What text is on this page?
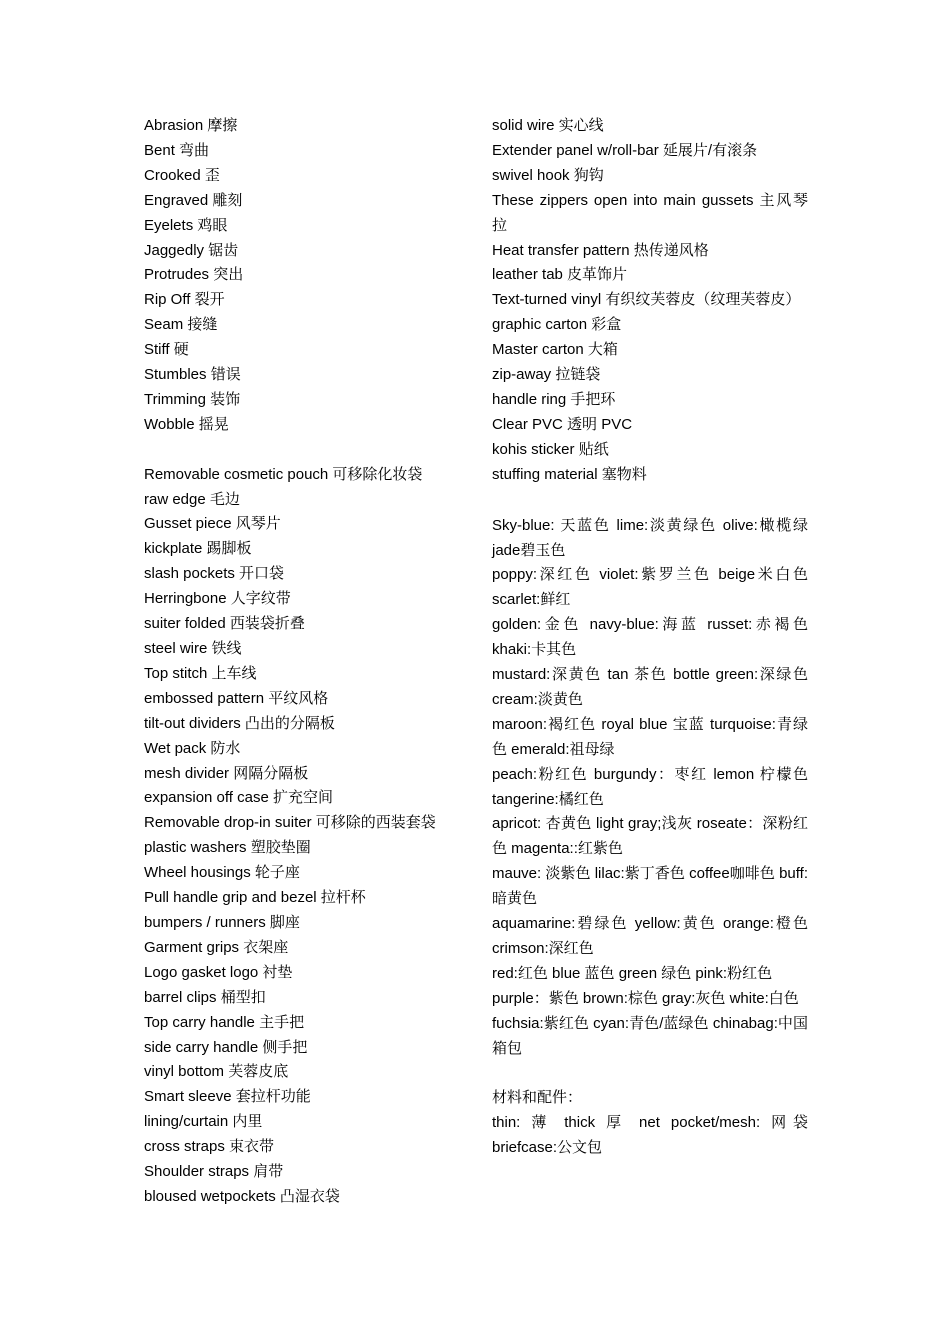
Abrasion 摩擦
Bent 弯曲
Crooked 歪
Engraved 雕刻
Eyelets 鸡眼
Jaggedly 锯齿
Protrudes 突出
Rip Off 裂开
Seam 接缝
Stiff 硬
Stumbles 错误
Trimming 装饰
Wobble 摇晃
Removable cosmetic pouch 可移除化妆袋
raw edge 毛边
Gusset piece 风琴片
kickplate 踢脚板
slash pockets 开口袋
Herringbone 人字纹带
suiter folded 西装袋折叠
steel wire 铁线
Top stitch 上车线
embossed pattern 平纹风格
tilt-out dividers 凸出的分隔板
Wet pack 防水
mesh divider 网隔分隔板
expansion off case 扩充空间
Removable drop-in suiter 可移除的西装套袋
plastic washers 塑胶垫圈
Wheel housings 轮子座
Pull handle grip and bezel 拉杆杯
bumpers / runners 脚座
Garment grips 衣架座
Logo gasket logo 衬垫
barrel clips 桶型扣
Top carry handle 主手把
side carry handle 侧手把
vinyl bottom 芙蓉皮底
Smart sleeve 套拉杆功能
lining/curtain 内里
cross straps 束衣带
Shoulder straps 肩带
bloused wetpockets 凸湿衣袋
solid wire 实心线
Extender panel w/roll-bar 延展片/有滚条
swivel hook 狗钩
These zippers open into main gussets 主风琴拉
Heat transfer pattern 热传递风格
leather tab 皮革饰片
Text-turned vinyl 有织纹芙蓉皮（纹理芙蓉皮）
graphic carton 彩盒
Master carton 大箱
zip-away 拉链袋
handle ring 手把环
Clear PVC 透明 PVC
kohis sticker 贴纸
stuffing material 塞物料
Sky-blue: 天蓝色 lime:淡黄绿色 olive:橄榄绿 jade碧玉色
poppy:深红色 violet:紫罗兰色 beige米白色 scarlet:鲜红
golden:金色 navy-blue:海蓝 russet:赤褐色 khaki:卡其色
mustard:深黄色 tan 茶色 bottle green:深绿色 cream:淡黄色
maroon:褐红色 royal blue 宝蓝 turquoise:青绿色 emerald:祖母绿
peach:粉红色 burgundy：枣红 lemon 柠檬色 tangerine:橘红色
apricot: 杏黄色 light gray;浅灰 roseate：深粉红色 magenta::红紫色
mauve: 淡紫色 lilac:紫丁香色 coffee咖啡色 buff:暗黄色
aquamarine:碧绿色 yellow:黄色 orange:橙色 crimson:深红色
red:红色 blue 蓝色 green 绿色 pink:粉红色
purple：紫色 brown:棕色 gray:灰色 white:白色
fuchsia:紫红色 cyan:青色/蓝绿色 chinabag:中国箱包
材料和配件：
thin: 薄 thick 厚 net pocket/mesh: 网袋 briefcase:公文包
